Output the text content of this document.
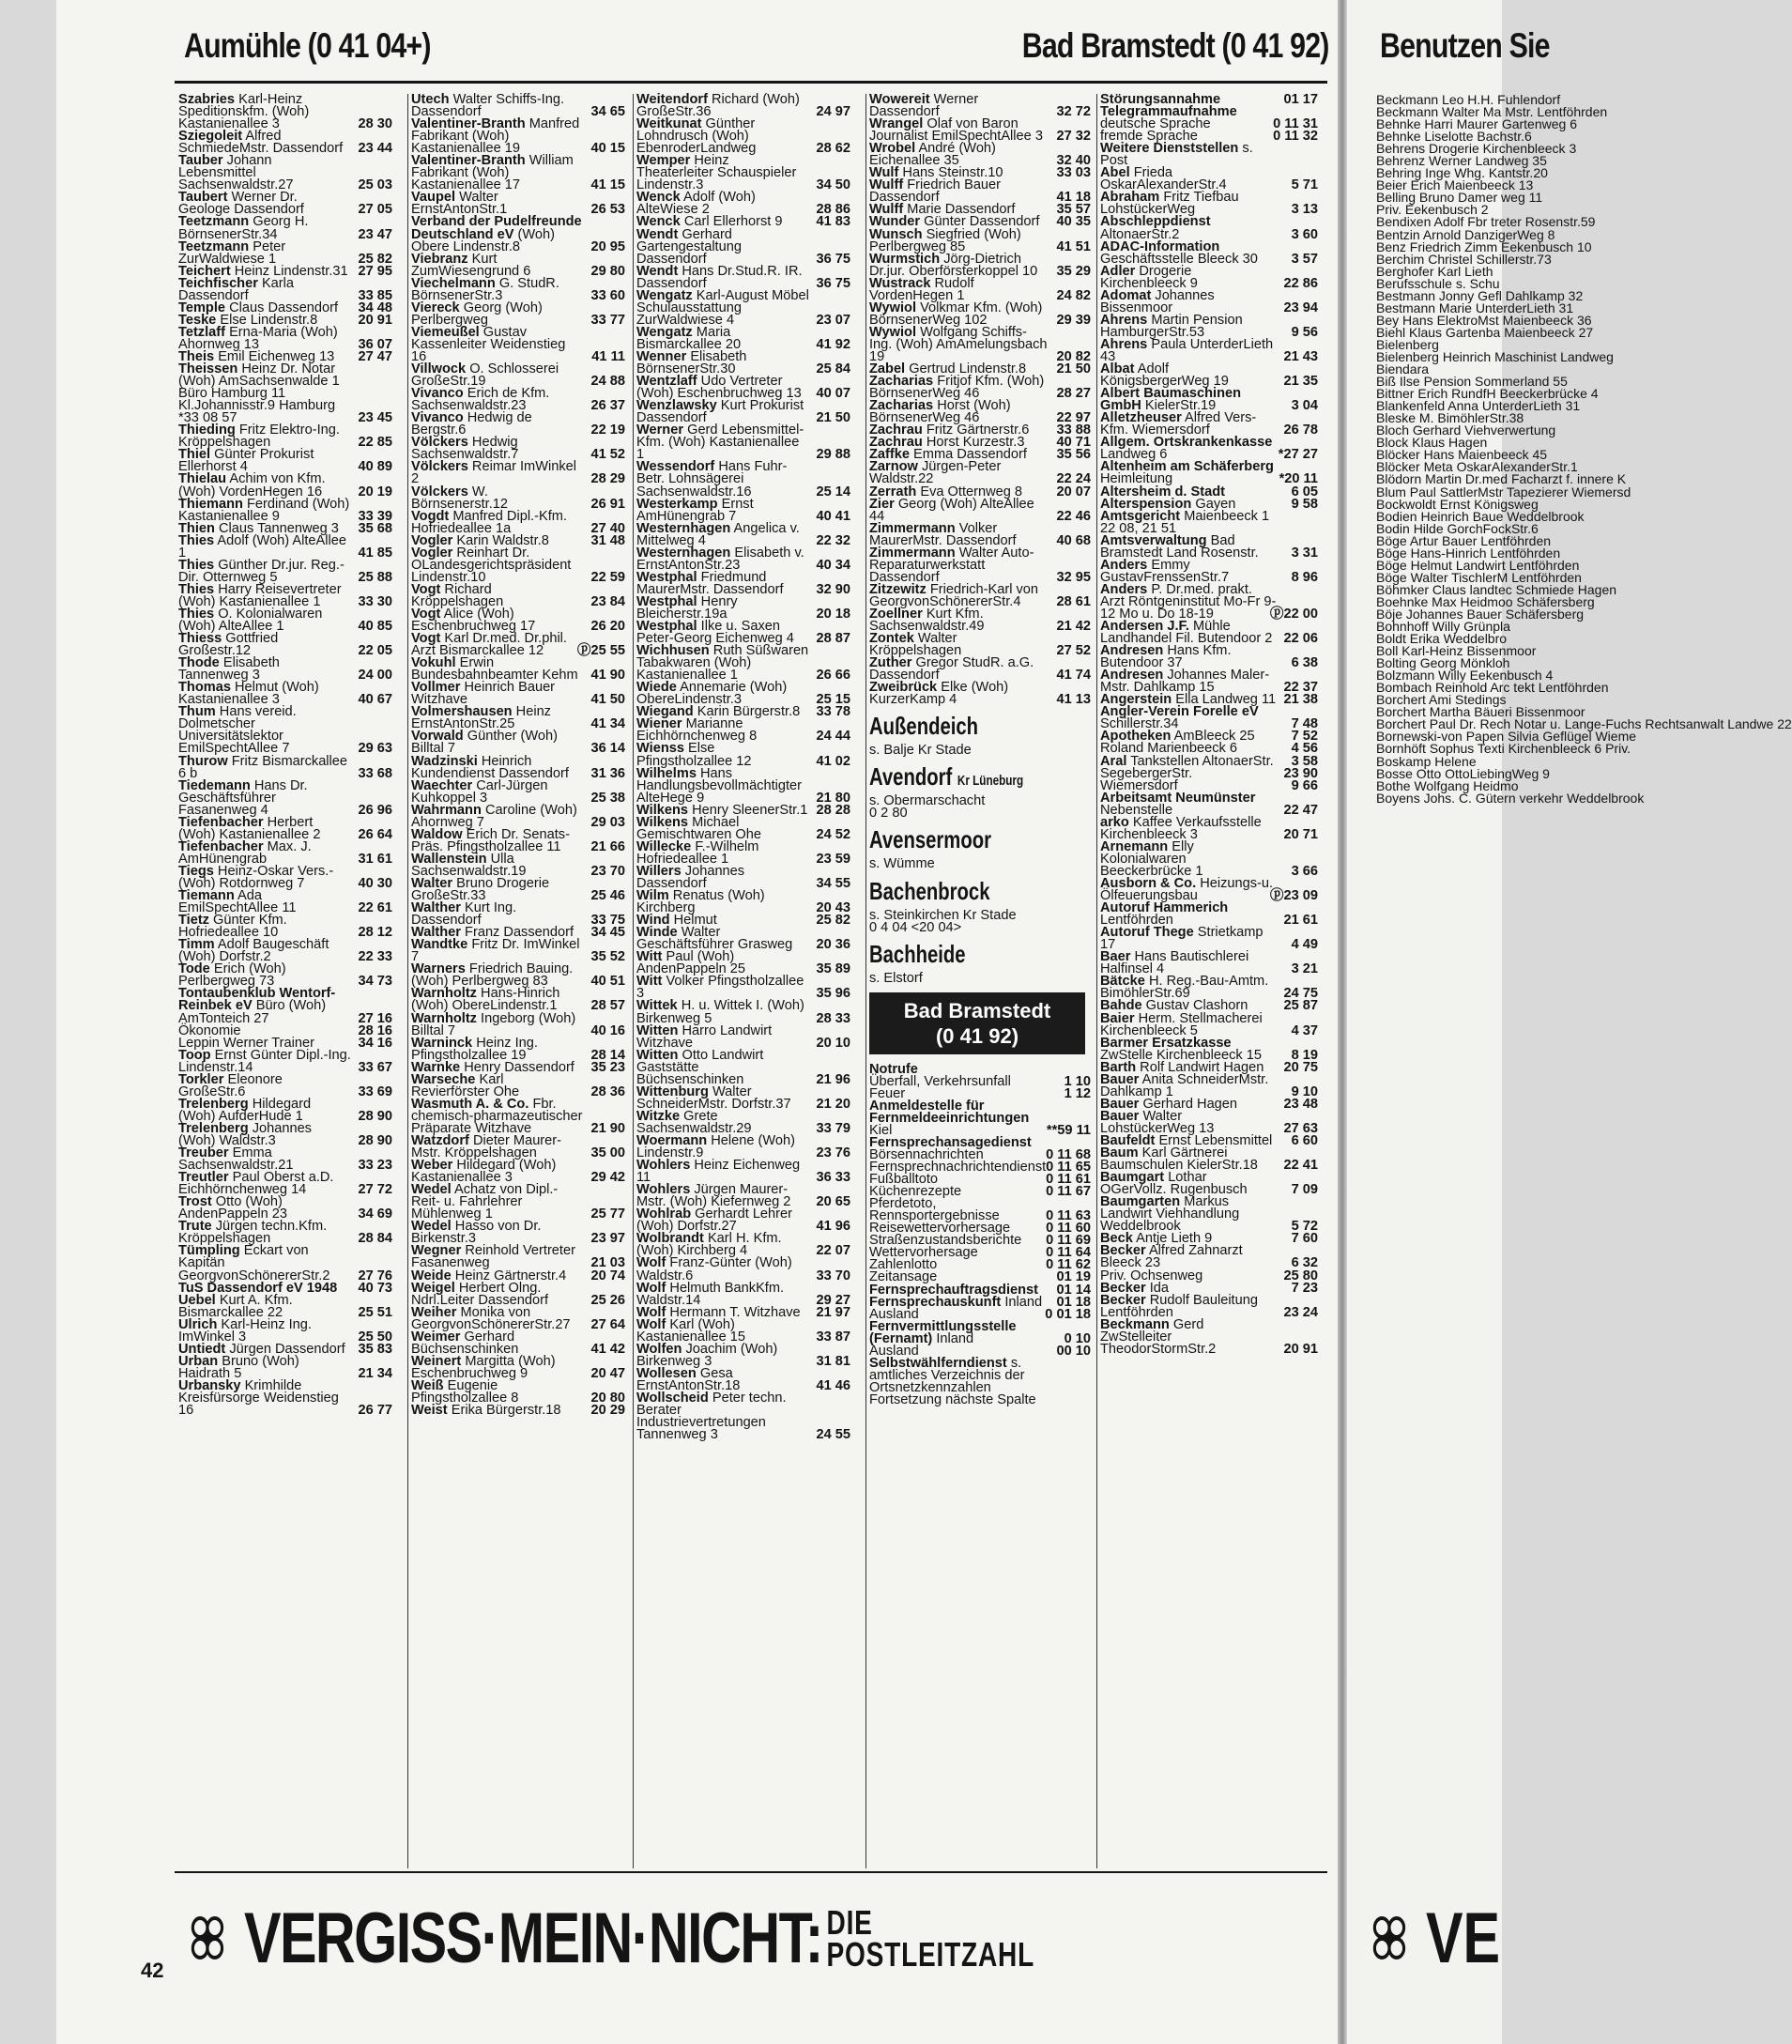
Aumühle (0 41 04+)	Bad Bramstedt (0 41 92) Benutzen Sie
Szabries Karl-Heinz Speditionskfm. (Woh) Kastanienallee 3	28 30
Sziegoleit Alfred SchmiedeMstr. Dassendorf 23 44
Tauber Johann Lebensmittel Sachsenwaldstr.27	25 03
Taubert Werner Dr. Geologe Dassendorf	27 05
Teetzmann Georg H. BörnsenerStr.34	23 47
Teetzmann Peter ZurWaldwiese 1	25 82
Teichert Heinz Lindenstr.31 27 95
Teichfischer Karla Dassendorf	33 85
Temple Claus Dassendorf 34 48
Teske Else Lindenstr.8	20 91
Tetzlaff Erna-Maria (Woh) Ahornweg 13	36 07
Theis Emil Eichenweg 13 27 47
Theissen Heinz Dr. Notar (Woh) AmSachsenwalde 1 Büro Hamburg 11 Kl.Johannisstr.9 Hamburg *33 08 57	23 45
Thieding Fritz Elektro-Ing. Kröppelshagen	22 85
Thiel Günter Prokurist Ellerhorst 4	40 89
Thielau Achim von Kfm. (Woh) VordenHegen 16	20 19
Thiemann Ferdinand (Woh) Kastanienallee 9	33 39
Thien Claus Tannenweg 3 35 68
Thies Adolf (Woh) AlteAllee 1	41 85
Thies Günther Dr.jur. Reg.-Dir. Otternweg 5	25 88
Thies Harry Reisevertreter (Woh) Kastanienallee 1	33 30
Thies O. Kolonialwaren (Woh) AlteAllee 1	40 85
Thiess Gottfried Großestr.12	22 05
Thode Elisabeth Tannenweg 3	24 00
Thomas Helmut (Woh) Kastanienallee 3	40 67
Thum Hans vereid. Dolmetscher Universitätslektor EmilSpechtAllee 7	29 63
Thurow Fritz Bismarckallee 6 b	33 68
Tiedemann Hans Dr. Geschäftsführer Fasanenweg 4	26 96
Tiefenbacher Herbert (Woh) Kastanienallee 2	26 64
Tiefenbacher Max. J. AmHünengrab	31 61
Tiegs Heinz-Oskar Vers.- (Woh) Rotdornweg 7	40 30
Tiemann Ada EmilSpechtAllee 11	22 61
Tietz Günter Kfm. Hofriedeallee 10	28 12
Timm Adolf Baugeschäft (Woh) Dorfstr.2	22 33
Tode Erich (Woh) Perlbergweg 73	34 73
Tontaubenklub Wentorf-Reinbek eV Büro (Woh) AmTonteich 27	27 16
Ökonomie	28 16
Leppin Werner Trainer	34 16
Toop Ernst Günter Dipl.-Ing. Lindenstr.14	33 67
Torkler Eleonore GroßeStr.6	33 69
Trelenberg Hildegard (Woh) AufderHude 1	28 90
Trelenberg Johannes (Woh) Waldstr.3	28 90
Treuber Emma Sachsenwaldstr.21	33 23
Treutler Paul Oberst a.D. Eichhörnchenweg 14	27 72
Trost Otto (Woh) AndenPappeln 23	34 69
Trute Jürgen techn.Kfm. Kröppelshagen	28 84
Tümpling Eckart von Kapitän GeorgvonSchönererStr.2 27 76
TuS Dassendorf eV 1948 40 73
Uebel Kurt A. Kfm. Bismarckallee 22	25 51
Ulrich Karl-Heinz Ing. ImWinkel 3	25 50
Untiedt Jürgen Dassendorf 35 83
Urban Bruno (Woh) Haidrath 5	21 34
Urbansky Krimhilde Kreisfürsorge Weidenstieg 16	26 77
Utech Walter Schiffs-Ing. Dassendorf	34 65
Valentiner-Branth Manfred Fabrikant (Woh) Kastanienallee 19	40 15
Valentiner-Branth William Fabrikant (Woh) Kastanienallee 17	41 15
Vaupel Walter ErnstAntonStr.1	26 53
Verband der Pudelfreunde Deutschland eV (Woh) Obere Lindenstr.8	20 95
Viebranz Kurt ZumWiesengrund 6	29 80
Viechelmann G. StudR. BörnsenerStr.3	33 60
Viereck Georg (Woh) Perlbergweg	33 77
Viemeußel Gustav Kassenleiter Weidenstieg 16	41 11
Villwock O. Schlosserei GroßeStr.19	24 88
Vivanco Erich de Kfm. Sachsenwaldstr.23	26 37
Vivanco Hedwig de Bergstr.6	22 19
Völckers Hedwig Sachsenwaldstr.7	41 52
Völckers Reimar ImWinkel 2	28 29
Völckers W. Börnsenerstr.12	26 91
Vogdt Manfred Dipl.-Kfm. Hofriedeallee 1a	27 40
Vogler Karin Waldstr.8	31 48
Vogler Reinhart Dr. OLandesgerichtspräsident Lindenstr.10	22 59
Vogt Richard Kröppelshagen	23 84
Vogt Alice (Woh) Eschenbruchweg 17	26 20
Vogt Karl Dr.med. Dr.phil. Arzt Bismarckallee 12 ⓟ25 55
Vokuhl Erwin Bundesbahnbeamter Kehm 41 90
Vollmer Heinrich Bauer Witzhave	41 50
Volmershausen Heinz ErnstAntonStr.25	41 34
Vorwald Günther (Woh) Billtal 7	36 14
Wadzinski Heinrich Kundendienst Dassendorf 31 36
Waechter Carl-Jürgen Kuhkoppel 3	25 38
Wahrmann Caroline (Woh) Ahornweg 7	29 03
Waldow Erich Dr. Senats-Präs. Pfingstholzallee 11 21 66
Wallenstein Ulla Sachsenwaldstr.19	23 70
Walter Bruno Drogerie GroßeStr.33	25 46
Walther Kurt Ing. Dassendorf	33 75
Walther Franz Dassendorf 34 45
Wandtke Fritz Dr. ImWinkel 7	35 52
Warners Friedrich Bauing. (Woh) Perlbergweg 83	40 51
Warnholtz Hans-Hinrich (Woh) ObereLindenstr.1 28 57
Warnholtz Ingeborg (Woh) Billtal 7	40 16
Warninck Heinz Ing. Pfingstholzallee 19	28 14
Warnke Henry Dassendorf 35 23
Warseche Karl Revierförster Ohe	28 36
Wasmuth A. & Co. Fbr. chemisch-pharmazeutischer Präparate Witzhave	21 90
Watzdorf Dieter Maurer-Mstr. Kröppelshagen	35 00
Weber Hildegard (Woh) Kastanienallee 3	29 42
Wedel Achatz von Dipl.-Reit- u. Fahrlehrer Mühlenweg 1	25 77
Wedel Hasso von Dr. Birkenstr.3	23 97
Wegner Reinhold Vertreter Fasanenweg	21 03
Weide Heinz Gärtnerstr.4 20 74
Weigel Herbert Olng. Ndrl.Leiter Dassendorf	25 26
Weiher Monika von GeorgvonSchönererStr.27 27 64
Weimer Gerhard Büchsenschinken	41 42
Weinert Margitta (Woh) Eschenbruchweg 9	20 47
Weiß Eugenie Pfingstholzallee 8	20 80
Weist Erika Bürgerstr.18 20 29
Weitendorf Richard (Woh) GroßeStr.36	24 97
Weitkunat Günther Lohndrusch (Woh) EbenroderLandweg	28 62
Wemper Heinz Theaterleiter Schauspieler Lindenstr.3	34 50
Wenck Adolf (Woh) AlteWiese 2	28 86
Wenck Carl Ellerhorst 9 41 83
Wendt Gerhard Gartengestaltung Dassendorf	36 75
Wendt Hans Dr.Stud.R. IR. Dassendorf	36 75
Wengatz Karl-August Möbel Schulausstattung ZurWaldwiese 4	23 07
Wengatz Maria Bismarckallee 20	41 92
Wenner Elisabeth BörnsenerStr.30	25 84
Wentzlaff Udo Vertreter (Woh) Eschenbruchweg 13 40 07
Wenzlawsky Kurt Prokurist Dassendorf	21 50
Werner Gerd Lebensmittel-Kfm. (Woh) Kastanienallee 1	29 88
Wessendorf Hans Fuhr-Betr. Lohnsägerei Sachsenwaldstr.16	25 14
Westerkamp Ernst AmHünengrab 7	40 41
Westernhagen Angelica v. Mittelweg 4	22 32
Westernhagen Elisabeth v. ErnstAntonStr.23	40 34
Westphal Friedmund MaurerMstr. Dassendorf 32 90
Westphal Henry Bleicherstr.19a	20 18
Westphal Ilke u. Saxen Peter-Georg Eichenweg 4 28 87
Wichhusen Ruth Süßwaren Tabakwaren (Woh) Kastanienallee 1	26 66
Wiede Annemarie (Woh) ObereLindenstr.3	25 15
Wiegand Karin Bürgerstr.8 33 78
Wiener Marianne Eichhörnchenweg 8	24 44
Wienss Else Pfingstholzallee 12	41 02
Wilhelms Hans Handlungsbevollmächtigter AlteHege 9	21 80
Wilkens Henry SleenerStr.1 28 28
Wilkens Michael Gemischtwaren Ohe	24 52
Willecke F.-Wilhelm Hofriedeallee 1	23 59
Willers Johannes Dassendorf	34 55
Wilm Renatus (Woh) Kirchberg	20 43
Wind Helmut	25 82
Winde Walter Geschäftsführer Grasweg 20 36
Witt Paul (Woh) AndenPappeln 25	35 89
Witt Volker Pfingstholzallee 3	35 96
Wittek H. u. Wittek I. (Woh) Birkenweg 5	28 33
Witten Harro Landwirt Witzhave	20 10
Witten Otto Landwirt Gaststätte Büchsenschinken	21 96
Wittenburg Walter SchneiderMstr. Dorfstr.37 21 20
Witzke Grete Sachsenwaldstr.29	33 79
Woermann Helene (Woh) Lindenstr.9	23 76
Wohlers Heinz Eichenweg 11	36 33
Wohlers Jürgen Maurer-Mstr. (Woh) Kiefernweg 2 20 65
Wohlrab Gerhardt Lehrer (Woh) Dorfstr.27	41 96
Wolbrandt Karl H. Kfm. (Woh) Kirchberg 4	22 07
Wolf Franz-Günter (Woh) Waldstr.6	33 70
Wolf Helmuth BankKfm. Waldstr.14	29 27
Wolf Hermann T. Witzhave 21 97
Wolf Karl (Woh) Kastanienallee 15	33 87
Wolfen Joachim (Woh) Birkenweg 3	31 81
Wollesen Gesa ErnstAntonStr.18	41 46
Wollscheid Peter techn. Berater Industrievertretungen Tannenweg 3	24 55
Wowereit Werner Dassendorf	32 72
Wrangel Olaf von Baron Journalist EmilSpechtAllee 3 27 32
Wrobel André (Woh) Eichenallee 35	32 40
Wulf Hans Steinstr.10	33 03
Wulff Friedrich Bauer Dassendorf	41 18
Wulff Marie Dassendorf	35 57
Wunder Günter Dassendorf 40 35
Wunsch Siegfried (Woh) Perlbergweg 85	41 51
Wurmstich Jörg-Dietrich Dr.jur. Oberförsterkoppel 10 35 29
Wustrack Rudolf VordenHegen 1	24 82
Wywiol Volkmar Kfm. (Woh) BörnsenerWeg 102	29 39
Wywiol Wolfgang Schiffs-Ing. (Woh) AmAmelungsbach 19	20 82
Zabel Gertrud Lindenstr.8 21 50
Zacharias Fritjof Kfm. (Woh) BörnsenerWeg 46	28 27
Zacharias Horst (Woh) BörnsenerWeg 46	22 97
Zachrau Fritz Gärtnerstr.6 33 88
Zachrau Horst Kurzestr.3 40 71
Zaffke Emma Dassendorf 35 56
Zarnow Jürgen-Peter Waldstr.22	22 24
Zerrath Eva Otternweg 8 20 07
Zier Georg (Woh) AlteAllee 44	22 46
Zimmermann Volker MaurerMstr. Dassendorf	40 68
Zimmermann Walter Auto-Reparaturwerkstatt Dassendorf	32 95
Zitzewitz Friedrich-Karl von GeorgvonSchönererStr.4	28 61
Zoellner Kurt Kfm. Sachsenwaldstr.49	21 42
Zontek Walter Kröppelshagen	27 52
Zuther Gregor StudR. a.G. Dassendorf	41 74
Zweibrück Elke (Woh) KurzerKamp 4	41 13
Außendeich
s. Balje Kr Stade
Avendorf Kr Lüneburg
s. Obermarschacht
0 2 80
Avensermoor
s. Wümme
Bachenbrock
s. Steinkirchen Kr Stade
0 4 04 <20 04>
Bachheide
s. Elstorf
Bad Bramstedt
(0 41 92)
Notrufe
Überfall, Verkehrsunfall	1 10
Feuer	1 12
Anmeldestelle für Fernmeldeeinrichtungen Kiel	**59 11
Fernsprechansagedienst Börsennachrichten	0 11 68
Fernsprechnachrichtendienst 0 11 65
Fußballtoto	0 11 61
Küchenrezepte	0 11 67
Pferdetoto, Rennsportergebnisse	0 11 63
Reisewettervorhersage	0 11 60
Straßenzustandsberichte 0 11 69
Wettervorhersage	0 11 64
Zahlenlotto	0 11 62
Zeitansage	01 19
Fernsprechauftragsdienst 01 14
Fernsprechauskunft Inland 01 18
Ausland	0 01 18
Fernvermittlungsstelle (Fernamt) Inland	0 10
Ausland	00 10
Selbstwählferndienst s. amtliches Verzeichnis der Ortsnetzkennzahlen Fortsetzung nächste Spalte
Störungsannahme	01 17
Telegrammaufnahme deutsche Sprache	0 11 31
fremde Sprache	0 11 32
Weitere Dienststellen s. Post
Abel Frieda OskarAlexanderStr.4	5 71
Abraham Fritz Tiefbau LohstückerWeg	3 13
Abschleppdienst AltonaerStr.2	3 60
ADAC-Information Geschäftsstelle Bleeck 30 3 57
Adler Drogerie Kirchenbleeck 9	22 86
Adomat Johannes Bissenmoor	23 94
Ahrens Martin Pension HamburgerStr.53	9 56
Ahrens Paula UnterderLieth 43	21 43
Albat Adolf KönigsbergerWeg 19	21 35
Albert Baumaschinen GmbH KielerStr.19	3 04
Alletzheuser Alfred Vers-Kfm. Wiemersdorf	26 78
Allgem. Ortskrankenkasse Landweg 6	*27 27
Altenheim am Schäferberg Heimleitung	*20 11
Altersheim d. Stadt	6 05
Alterspension Gayen	9 58
Amtsgericht Maienbeeck 1 22 08, 21 51
Amtsverwaltung Bad Bramstedt Land Rosenstr. 3 31
Anders Emmy GustavFrenssenStr.7	8 96
Anders P. Dr.med. prakt. Arzt Röntgeninstitut Mo-Fr 9-12 Mo u. Do 18-19	ⓟ22 00
Andersen J.F. Mühle Landhandel Fil. Butendoor 2 22 06
Andresen Hans Kfm. Butendoor 37	6 38
Andresen Johannes Maler-Mstr. Dahlkamp 15	22 37
Angerstein Ella Landweg 11 21 38
Angler-Verein Forelle eV Schillerstr.34	7 48
Apotheken AmBleeck 25	7 52
Roland Marienbeeck 6	4 56
Aral Tankstellen AltonaerStr. 3 58
SegebergerStr.	23 90
Wiemersdorf	9 66
Arbeitsamt Neumünster Nebenstelle	22 47
arko Kaffee Verkaufsstelle Kirchenbleeck 3	20 71
Arnemann Elly Kolonialwaren Beeckerbrücke 1	3 66
Ausborn & Co. Heizungs-u. Ölfeuerungsbau	ⓟ23 09
Autoruf Hammerich Lentföhrden	21 61
Autoruf Thege Strietkamp 17	4 49
Baer Hans Bautischlerei Halfinsel 4	3 21
Bätcke H. Reg.-Bau-Amtm. BimöhlerStr.69	24 75
Bahde Gustav Clashorn	25 87
Baier Herm. Stellmacherei Kirchenbleeck 5	4 37
Barmer Ersatzkasse ZwStelle Kirchenbleeck 15 8 19
Barth Rolf Landwirt Hagen 20 75
Bauer Anita SchneiderMstr. Dahlkamp 1	9 10
Bauer Gerhard Hagen	23 48
Bauer Walter LohstückerWeg 13	27 63
Baufeldt Ernst Lebensmittel 6 60
Baum Karl Gärtnerei Baumschulen KielerStr.18 22 41
Baumgart Lothar OGerVollz. Rugenbusch	7 09
Baumgarten Markus Landwirt Viehhandlung Weddelbrook	5 72
Beck Antje Lieth 9	7 60
Becker Alfred Zahnarzt Bleeck 23	6 32
Priv. Ochsenweg	25 80
Becker Ida	7 23
Becker Rudolf Bauleitung Lentföhrden	23 24
Beckmann Gerd ZwStelleiter TheodorStormStr.2	20 91
Beckmann Leo H.H. Fuhlendorf
Beckmann Walter Ma Mstr. Lentföhrden
Behnke Harri Maurer Gartenweg 6
Behnke Liselotte Bachstr.6
Behrens Drogerie Kirchenbleeck 3
Behrenz Werner Landweg 35
Behring Inge Whg. Kantstr.20
Beier Erich Maienbeeck 13
Belling Bruno Damer weg 11
Priv. Eekenbusch 2
Bendixen Adolf Fbr treter Rosenstr.59
Bentzin Arnold DanzigerWeg 8
Benz Friedrich Zimm Eekenbusch 10
Berchim Christel Schillerstr.73
Berghofer Karl Lieth
Berufsschule s. Schu
Bestmann Jonny Gefl Dahlkamp 32
Bestmann Marie UnterderLieth 31
Bey Hans ElektroMst Maienbeeck 36
Biehl Klaus Gartenba Maienbeeck 27
Bielenberg
Bielenberg Heinrich Maschinist Landweg
Biendara
Biß Ilse Pension Sommerland 55
Bittner Erich RundfH Beeckerbrücke 4
Blankenfeld Anna UnterderLieth 31
Bleske M. BimöhlerStr.38
Bloch Gerhard Viehverwertung
Block Klaus Hagen
Blöcker Hans Maienbeeck 45
Blöcker Meta OskarAlexanderStr.1
Blödorn Martin Dr.med Facharzt f. innere K
Blum Paul SattlerMstr Tapezierer Wiemersd
Bockwoldt Ernst Königsweg
Bodien Heinrich Baue Weddelbrook
Bodin Hilde GorchFockStr.6
Böge Artur Bauer Lentföhrden
Böge Hans-Hinrich Lentföhrden
Böge Helmut Landwirt Lentföhrden
Böge Walter TischlerM Lentföhrden
Böhmker Claus landtec Schmiede Hagen
Boehnke Max Heidmoo Schäfersberg
Böje Johannes Bauer Schäfersberg
Bohnhoff Willy Grünpla
Boldt Erika Weddelbro
Boll Karl-Heinz Bissenmoor
Bolting Georg Mönkloh
Bolzmann Willy Eekenbusch 4
Bombach Reinhold Arc tekt Lentföhrden
Borchert Ami Stedings
Borchert Martha Bäueri Bissenmoor
Borchert Paul Dr. Rech Notar u. Lange-Fuchs Rechtsanwalt Landwe 22
Bornewski-von Papen Silvia Geflügel Wieme
Bornhöft Sophus Texti Kirchenbleeck 6 Priv.
Boskamp Helene
Bosse Otto OttoLiebingWeg 9
Bothe Wolfgang Heidmo
Boyens Johs. C. Gütern verkehr Weddelbrook
VERGISS·MEIN·NICHT: DIE
POSTLEITZAHL
42	VE
